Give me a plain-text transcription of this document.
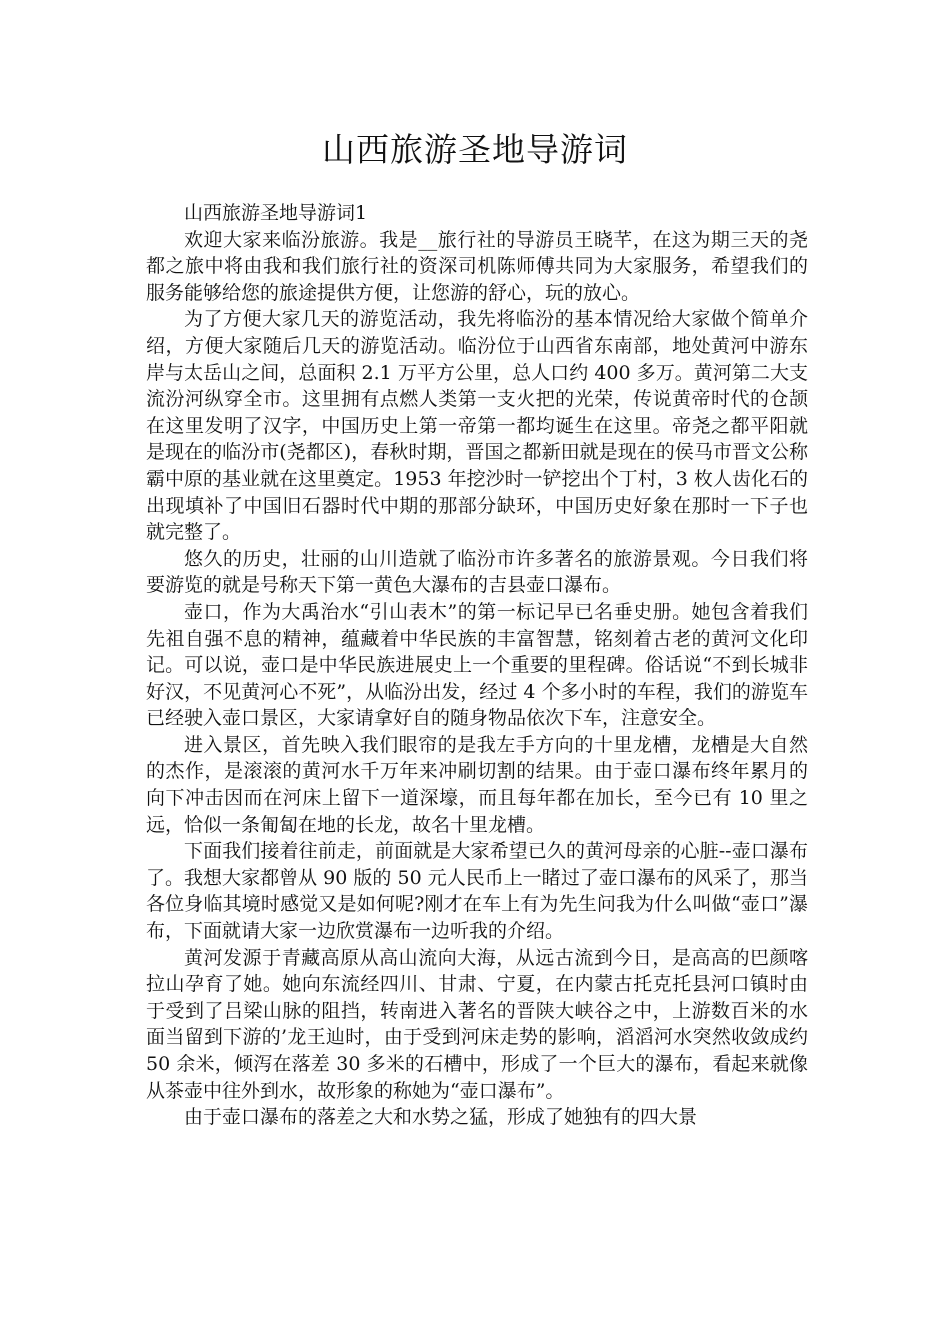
山西旅游圣地导游词

山西旅游圣地导游词1

欢迎大家来临汾旅游。我是__旅行社的导游员王晓芊，在这为期三天的尧都之旅中将由我和我们旅行社的资深司机陈师傅共同为大家服务，希望我们的服务能够给您的旅途提供方便，让您游的舒心，玩的放心。

为了方便大家几天的游览活动，我先将临汾的基本情况给大家做个简单介绍，方便大家随后几天的游览活动。临汾位于山西省东南部，地处黄河中游东岸与太岳山之间，总面积 2.1 万平方公里，总人口约 400 多万。黄河第二大支流汾河纵穿全市。这里拥有点燃人类第一支火把的光荣，传说黄帝时代的仓颉在这里发明了汉字，中国历史上第一帝第一都均诞生在这里。帝尧之都平阳就是现在的临汾市(尧都区)，春秋时期，晋国之都新田就是现在的侯马市晋文公称霸中原的基业就在这里奠定。1953 年挖沙时一铲挖出个丁村，3 枚人齿化石的出现填补了中国旧石器时代中期的那部分缺环，中国历史好象在那时一下子也就完整了。

悠久的历史，壮丽的山川造就了临汾市许多著名的旅游景观。今日我们将要游览的就是号称天下第一黄色大瀑布的吉县壶口瀑布。

壶口，作为大禹治水“引山表木”的第一标记早已名垂史册。她包含着我们先祖自强不息的精神，蕴藏着中华民族的丰富智慧，铭刻着古老的黄河文化印记。可以说，壶口是中华民族进展史上一个重要的里程碑。俗话说“不到长城非好汉，不见黄河心不死”，从临汾出发，经过 4 个多小时的车程，我们的游览车已经驶入壶口景区，大家请拿好自的随身物品依次下车，注意安全。

进入景区，首先映入我们眼帘的是我左手方向的十里龙槽，龙槽是大自然的杰作，是滚滚的黄河水千万年来冲刷切割的结果。由于壶口瀑布终年累月的向下冲击因而在河床上留下一道深壕，而且每年都在加长，至今已有 10 里之远，恰似一条匍匐在地的长龙，故名十里龙槽。

下面我们接着往前走，前面就是大家希望已久的黄河母亲的心脏--壶口瀑布了。我想大家都曾从 90 版的 50 元人民币上一睹过了壶口瀑布的风采了，那当各位身临其境时感觉又是如何呢?刚才在车上有为先生问我为什么叫做“壶口”瀑布，下面就请大家一边欣赏瀑布一边听我的介绍。

黄河发源于青藏高原从高山流向大海，从远古流到今日，是高高的巴颜喀拉山孕育了她。她向东流经四川、甘肃、宁夏，在内蒙古托克托县河口镇时由于受到了吕梁山脉的阻挡，转南进入著名的晋陕大峡谷之中，上游数百米的水面当留到下游的’龙王辿时，由于受到河床走势的影响，滔滔河水突然收敛成约 50 余米，倾泻在落差 30 多米的石槽中，形成了一个巨大的瀑布，看起来就像从茶壶中往外到水，故形象的称她为“壶口瀑布”。

由于壶口瀑布的落差之大和水势之猛，形成了她独有的四大景
